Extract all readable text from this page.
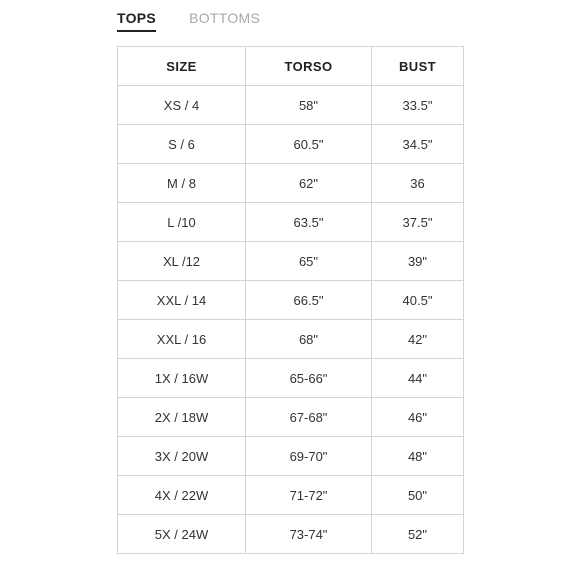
TOPS BOTTOMS
SIZE	TORSO	BUST
XS / 4	58"	33.5"
S / 6	60.5"	34.5"
M / 8	62"	36
L /10	63.5"	37.5"
XL /12	65"	39"
XXL / 14	66.5"	40.5"
XXL / 16	68"	42"
1X / 16W	65-66"	44"
2X / 18W	67-68"	46"
3X / 20W	69-70"	48"
4X / 22W	71-72"	50"
5X / 24W	73-74"	52"
